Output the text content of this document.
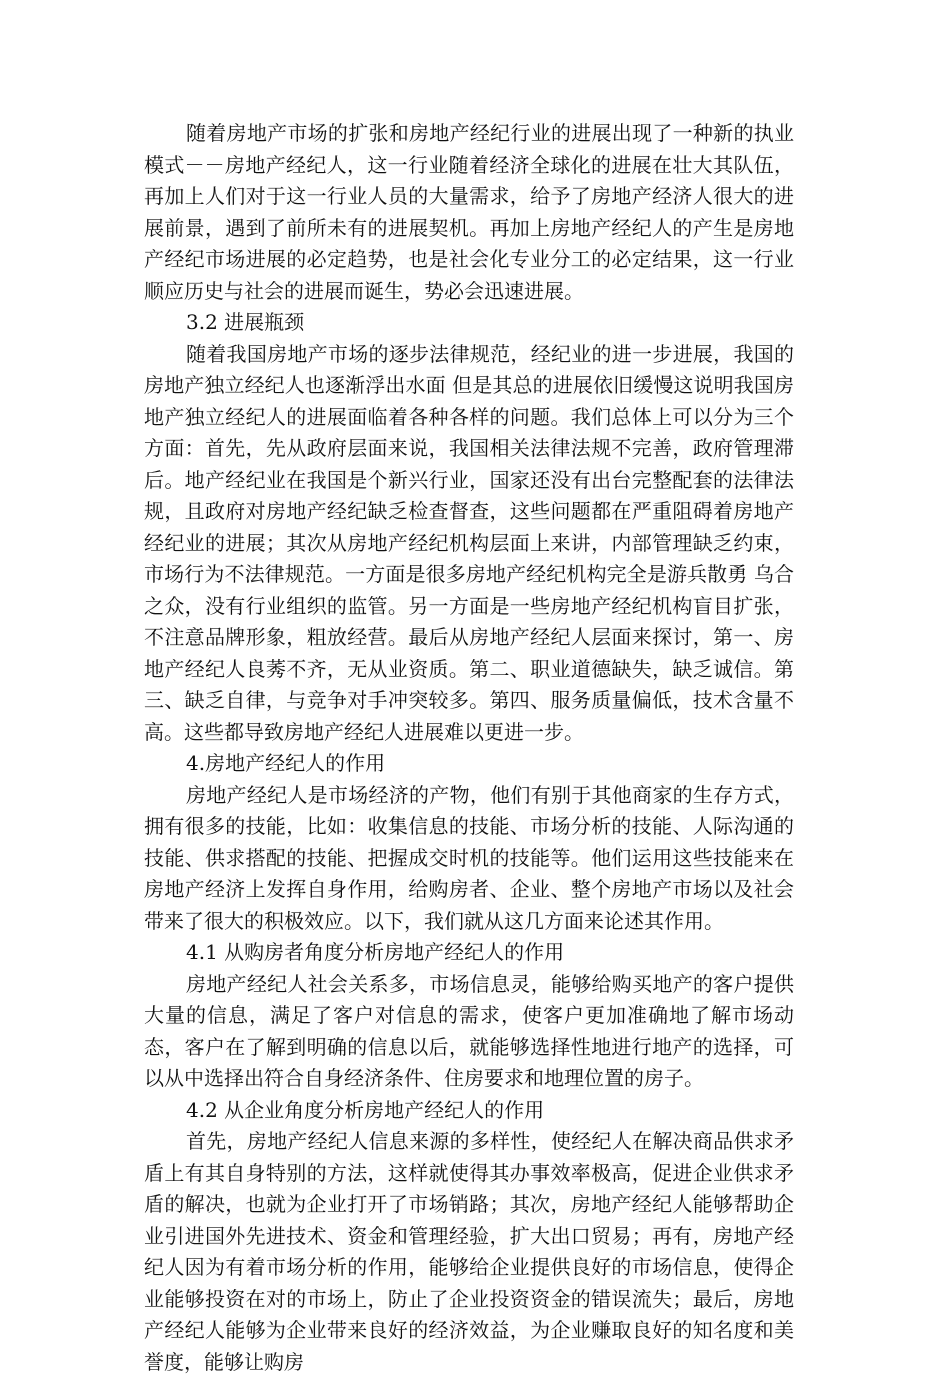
随着房地产市场的扩张和房地产经纪行业的进展出现了一种新的执业模式－－房地产经纪人，这一行业随着经济全球化的进展在壮大其队伍，再加上人们对于这一行业人员的大量需求，给予了房地产经济人很大的进展前景，遇到了前所未有的进展契机。再加上房地产经纪人的产生是房地产经纪市场进展的必定趋势，也是社会化专业分工的必定结果，这一行业顺应历史与社会的进展而诞生，势必会迅速进展。

3.2 进展瓶颈

随着我国房地产市场的逐步法律规范，经纪业的进一步进展，我国的房地产独立经纪人也逐渐浮出水面 但是其总的进展依旧缓慢这说明我国房地产独立经纪人的进展面临着各种各样的问题。我们总体上可以分为三个方面：首先，先从政府层面来说，我国相关法律法规不完善，政府管理滞后。地产经纪业在我国是个新兴行业，国家还没有出台完整配套的法律法规，且政府对房地产经纪缺乏检查督查，这些问题都在严重阻碍着房地产经纪业的进展；其次从房地产经纪机构层面上来讲，内部管理缺乏约束，市场行为不法律规范。一方面是很多房地产经纪机构完全是游兵散勇 乌合之众，没有行业组织的监管。另一方面是一些房地产经纪机构盲目扩张，不注意品牌形象，粗放经营。最后从房地产经纪人层面来探讨，第一、房地产经纪人良莠不齐，无从业资质。第二、职业道德缺失，缺乏诚信。第三、缺乏自律，与竞争对手冲突较多。第四、服务质量偏低，技术含量不高。这些都导致房地产经纪人进展难以更进一步。

4.房地产经纪人的作用

房地产经纪人是市场经济的产物，他们有别于其他商家的生存方式，拥有很多的技能，比如：收集信息的技能、市场分析的技能、人际沟通的技能、供求搭配的技能、把握成交时机的技能等。他们运用这些技能来在房地产经济上发挥自身作用，给购房者、企业、整个房地产市场以及社会带来了很大的积极效应。以下，我们就从这几方面来论述其作用。

4.1 从购房者角度分析房地产经纪人的作用

房地产经纪人社会关系多，市场信息灵，能够给购买地产的客户提供大量的信息，满足了客户对信息的需求，使客户更加准确地了解市场动态，客户在了解到明确的信息以后，就能够选择性地进行地产的选择，可以从中选择出符合自身经济条件、住房要求和地理位置的房子。

4.2 从企业角度分析房地产经纪人的作用

首先，房地产经纪人信息来源的多样性，使经纪人在解决商品供求矛盾上有其自身特别的方法，这样就使得其办事效率极高，促进企业供求矛盾的解决，也就为企业打开了市场销路；其次，房地产经纪人能够帮助企业引进国外先进技术、资金和管理经验，扩大出口贸易；再有，房地产经纪人因为有着市场分析的作用，能够给企业提供良好的市场信息，使得企业能够投资在对的市场上，防止了企业投资资金的错误流失；最后，房地产经纪人能够为企业带来良好的经济效益，为企业赚取良好的知名度和美誉度，能够让购房
